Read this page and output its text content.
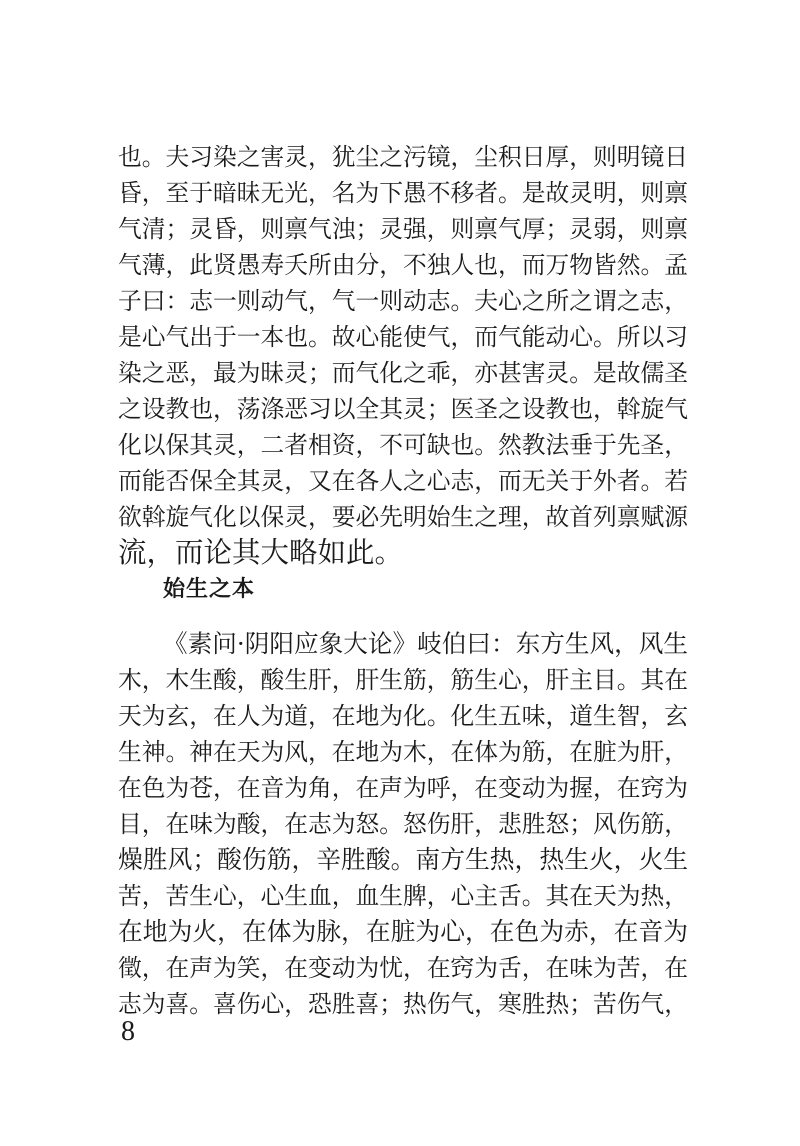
也。夫习染之害灵，犹尘之污镜，尘积日厚，则明镜日
昏，至于暗昧无光，名为下愚不移者。是故灵明，则禀
气清；灵昏，则禀气浊；灵强，则禀气厚；灵弱，则禀
气薄，此贤愚寿夭所由分，不独人也，而万物皆然。孟
子曰：志一则动气，气一则动志。夫心之所之谓之志，
是心气出于一本也。故心能使气，而气能动心。所以习
染之恶，最为昧灵；而气化之乖，亦甚害灵。是故儒圣
之设教也，荡涤恶习以全其灵；医圣之设教也，斡旋气
化以保其灵，二者相资，不可缺也。然教法垂于先圣，
而能否保全其灵，又在各人之心志，而无关于外者。若
欲斡旋气化以保灵，要必先明始生之理，故首列禀赋源
流，而论其大略如此。
始生之本
《素问·阴阳应象大论》岐伯曰：东方生风，风生
木，木生酸，酸生肝，肝生筋，筋生心，肝主目。其在
天为玄，在人为道，在地为化。化生五味，道生智，玄
生神。神在天为风，在地为木，在体为筋，在脏为肝，
在色为苍，在音为角，在声为呼，在变动为握，在窍为
目，在味为酸，在志为怒。怒伤肝，悲胜怒；风伤筋，
燥胜风；酸伤筋，辛胜酸。南方生热，热生火，火生
苦，苦生心，心生血，血生脾，心主舌。其在天为热，
在地为火，在体为脉，在脏为心，在色为赤，在音为
徵，在声为笑，在变动为忧，在窍为舌，在味为苦，在
志为喜。喜伤心，恐胜喜；热伤气，寒胜热；苦伤气，
8
